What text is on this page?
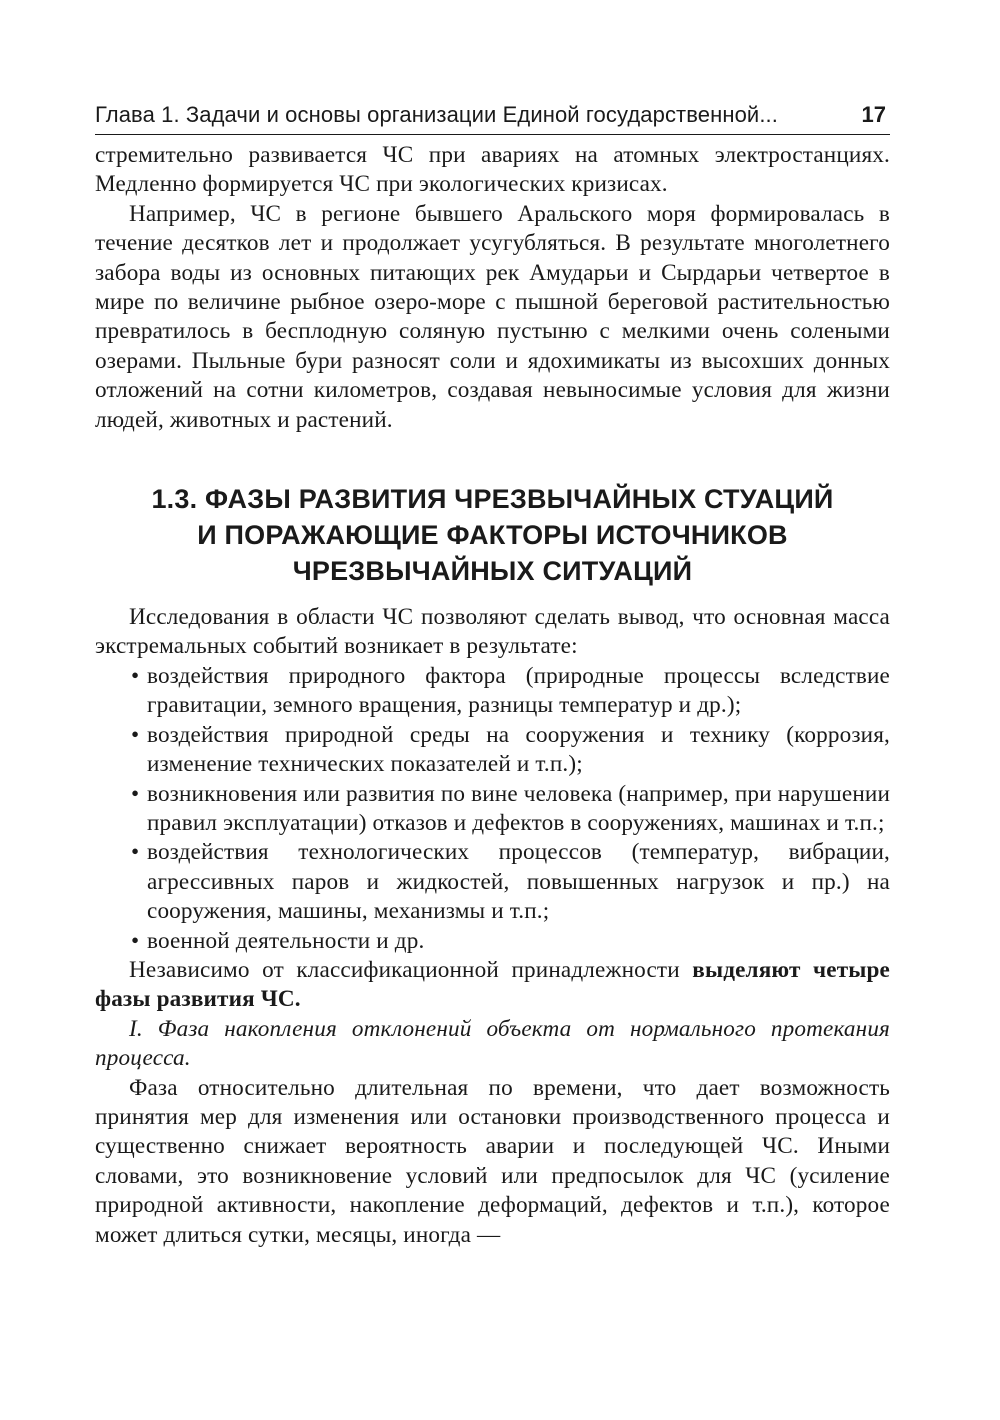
Глава 1. Задачи и основы организации Единой государственной...	17

стремительно развивается ЧС при авариях на атомных электростанциях. Медленно формируется ЧС при экологических кризисах.

Например, ЧС в регионе бывшего Аральского моря формировалась в течение десятков лет и продолжает усугубляться. В результате многолетнего забора воды из основных питающих рек Амударьи и Сырдарьи четвертое в мире по величине рыбное озеро-море с пышной береговой растительностью превратилось в бесплодную соляную пустыню с мелкими очень солеными озерами. Пыльные бури разносят соли и ядохимикаты из высохших донных отложений на сотни километров, создавая невыносимые условия для жизни людей, животных и растений.

1.3. ФАЗЫ РАЗВИТИЯ ЧРЕЗВЫЧАЙНЫХ СТУАЦИЙ
И ПОРАЖАЮЩИЕ ФАКТОРЫ ИСТОЧНИКОВ
ЧРЕЗВЫЧАЙНЫХ СИТУАЦИЙ

Исследования в области ЧС позволяют сделать вывод, что основная масса экстремальных событий возникает в результате:

• воздействия природного фактора (природные процессы вследствие гравитации, земного вращения, разницы температур и др.);
• воздействия природной среды на сооружения и технику (коррозия, изменение технических показателей и т.п.);
• возникновения или развития по вине человека (например, при нарушении правил эксплуатации) отказов и дефектов в сооружениях, машинах и т.п.;
• воздействия технологических процессов (температур, вибрации, агрессивных паров и жидкостей, повышенных нагрузок и пр.) на сооружения, машины, механизмы и т.п.;
• военной деятельности и др.

Независимо от классификационной принадлежности выделяют четыре фазы развития ЧС.

I. Фаза накопления отклонений объекта от нормального протекания процесса.

Фаза относительно длительная по времени, что дает возможность принятия мер для изменения или остановки производственного процесса и существенно снижает вероятность аварии и последующей ЧС. Иными словами, это возникновение условий или предпосылок для ЧС (усиление природной активности, накопление деформаций, дефектов и т.п.), которое может длиться сутки, месяцы, иногда —
